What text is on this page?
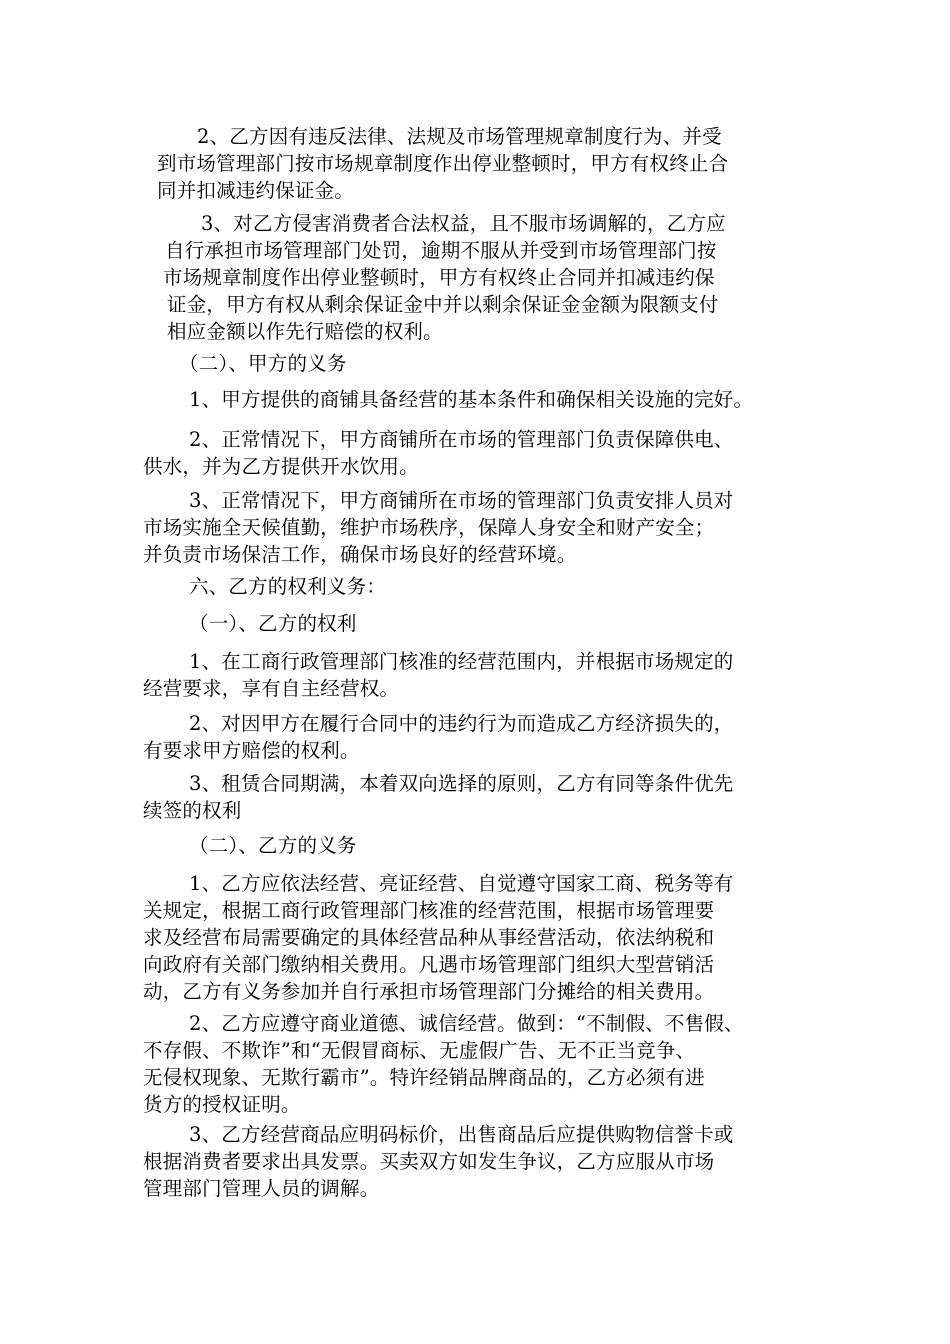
2、乙方因有违反法律、法规及市场管理规章制度行为、并受
到市场管理部门按市场规章制度作出停业整顿时，甲方有权终止合
同并扣减违约保证金。
3、对乙方侵害消费者合法权益，且不服市场调解的，乙方应
自行承担市场管理部门处罚，逾期不服从并受到市场管理部门按
市场规章制度作出停业整顿时，甲方有权终止合同并扣减违约保
证金，甲方有权从剩余保证金中并以剩余保证金金额为限额支付
相应金额以作先行赔偿的权利。
（二）、甲方的义务
1、甲方提供的商铺具备经营的基本条件和确保相关设施的完好。
2、正常情况下，甲方商铺所在市场的管理部门负责保障供电、
供水，并为乙方提供开水饮用。
3、正常情况下，甲方商铺所在市场的管理部门负责安排人员对
市场实施全天候值勤，维护市场秩序，保障人身安全和财产安全；
并负责市场保洁工作，确保市场良好的经营环境。
六、乙方的权利义务：
（一）、乙方的权利
1、在工商行政管理部门核准的经营范围内，并根据市场规定的
经营要求，享有自主经营权。
2、对因甲方在履行合同中的违约行为而造成乙方经济损失的，
有要求甲方赔偿的权利。
3、租赁合同期满，本着双向选择的原则，乙方有同等条件优先
续签的权利
（二）、乙方的义务
1、乙方应依法经营、亮证经营、自觉遵守国家工商、税务等有
关规定，根据工商行政管理部门核准的经营范围，根据市场管理要
求及经营布局需要确定的具体经营品种从事经营活动，依法纳税和
向政府有关部门缴纳相关费用。凡遇市场管理部门组织大型营销活
动，乙方有义务参加并自行承担市场管理部门分摊给的相关费用。
2、乙方应遵守商业道德、诚信经营。做到：“不制假、不售假、
不存假、不欺诈”和“无假冒商标、无虚假广告、无不正当竞争、
无侵权现象、无欺行霸市”。特许经销品牌商品的，乙方必须有进
货方的授权证明。
3、乙方经营商品应明码标价，出售商品后应提供购物信誉卡或
根据消费者要求出具发票。买卖双方如发生争议，乙方应服从市场
管理部门管理人员的调解。
